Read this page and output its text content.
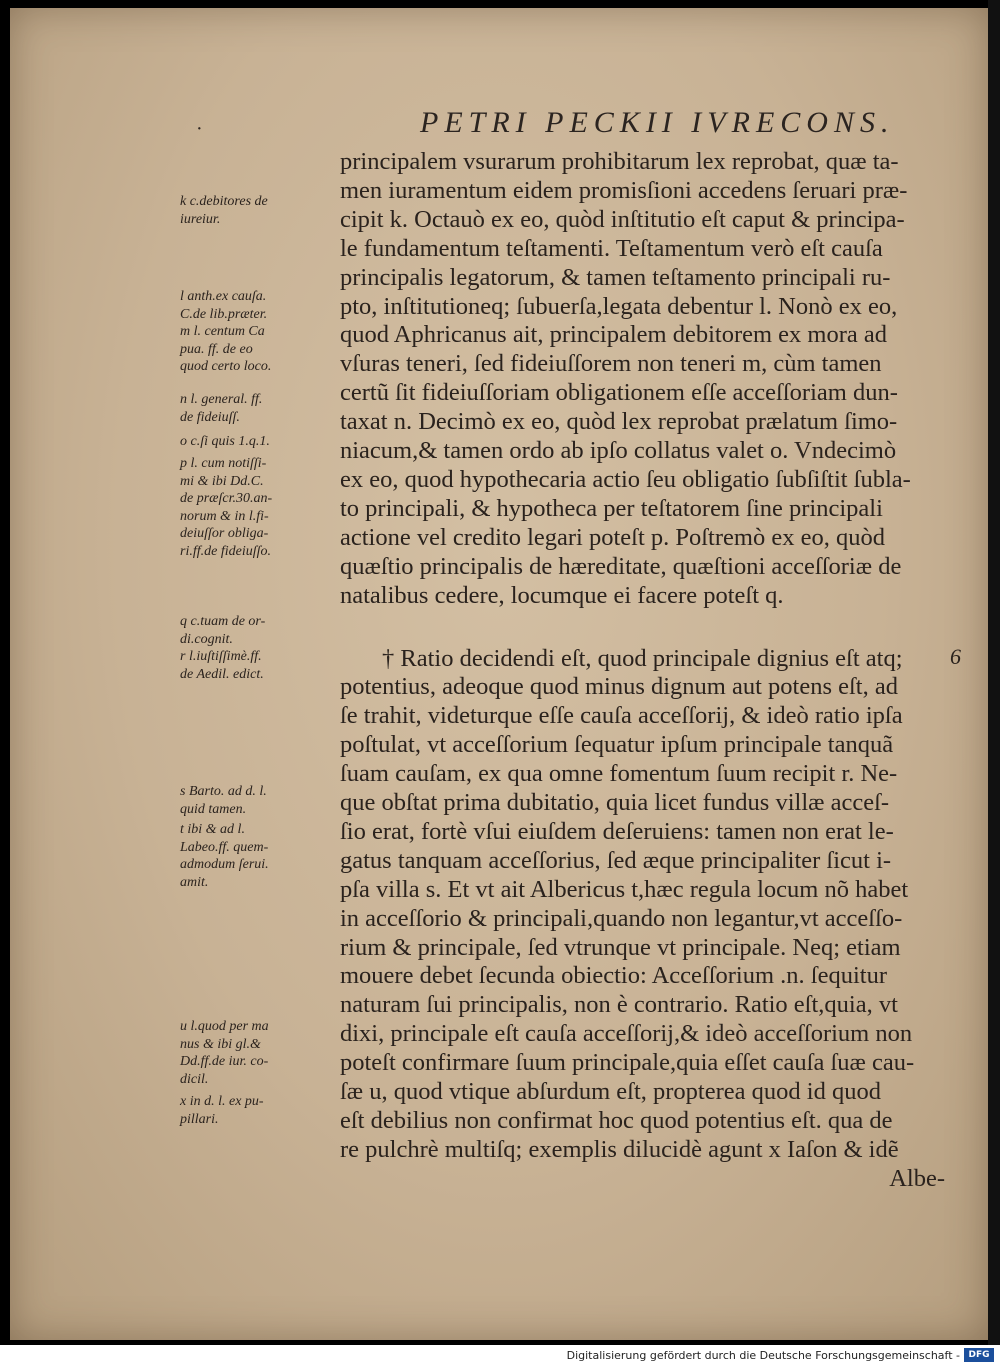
·	PETRI PECKII IVRECONS.
6
k c.debitores de
iureiur.
l anth.ex cauſa.
C.de lib.præter.
m l. centum Ca
pua. ff. de eo
quod certo loco.
n l. general. ff.
de fideiuſſ.
o c.ſi quis 1.q.1.
p l. cum notiſſi-
mi & ibi Dd.C.
de præſcr.30.an-
norum & in l.fi-
deiuſſor obliga-
ri.ff.de fideiuſſo.
q c.tuam de or-
di.cognit.
r l.iuſtiſſimè.ff.
de Aedil. edict.
s Barto. ad d. l.
quid tamen.
t ibi & ad l.
Labeo.ff. quem-
admodum ſerui.
amit.
u l.quod per ma
nus & ibi gl.&
Dd.ff.de iur. co-
dicil.
x in d. l. ex pu-
pillari.
principalem vsurarum prohibitarum lex reprobat, quæ ta-
men iuramentum eidem promisſioni accedens ſeruari præ-
cipit k. Octauò ex eo, quòd inſtitutio eſt caput & principa-
le fundamentum teſtamenti. Teſtamentum verò eſt cauſa
principalis legatorum, & tamen teſtamento principali ru-
pto, inſtitutioneq; ſubuerſa,legata debentur l. Nonò ex eo,
quod Aphricanus ait, principalem debitorem ex mora ad
vſuras teneri, ſed fideiuſſorem non teneri m, cùm tamen
certũ ſit fideiuſſoriam obligationem eſſe acceſſoriam dun-
taxat n. Decimò ex eo, quòd lex reprobat prælatum ſimo-
niacum,& tamen ordo ab ipſo collatus valet o. Vndecimò
ex eo, quod hypothecaria actio ſeu obligatio ſubſiſtit ſubla-
to principali, & hypotheca per teſtatorem ſine principali
actione vel credito legari poteſt p. Poſtremò ex eo, quòd
quæſtio principalis de hæreditate, quæſtioni acceſſoriæ de
natalibus cedere, locumque ei facere poteſt q.
† Ratio decidendi eſt, quod principale dignius eſt atq;
potentius, adeoque quod minus dignum aut potens eſt, ad
ſe trahit, videturque eſſe cauſa acceſſorij, & ideò ratio ipſa
poſtulat, vt acceſſorium ſequatur ipſum principale tanquã
ſuam cauſam, ex qua omne fomentum ſuum recipit r. Ne-
que obſtat prima dubitatio, quia licet fundus villæ acceſ-
ſio erat, fortè vſui eiuſdem deſeruiens: tamen non erat le-
gatus tanquam acceſſorius, ſed æque principaliter ſicut i-
pſa villa s. Et vt ait Albericus t,hæc regula locum nõ habet
in acceſſorio & principali,quando non legantur,vt acceſſo-
rium & principale, ſed vtrunque vt principale. Neq; etiam
mouere debet ſecunda obiectio: Acceſſorium .n. ſequitur
naturam ſui principalis, non è contrario. Ratio eſt,quia, vt
dixi, principale eſt cauſa acceſſorij,& ideò acceſſorium non
poteſt confirmare ſuum principale,quia eſſet cauſa ſuæ cau-
ſæ u, quod vtique abſurdum eſt, propterea quod id quod
eſt debilius non confirmat hoc quod potentius eſt. qua de
re pulchrè multiſq; exemplis dilucidè agunt x Iaſon & idẽ
Albe-
Digitalisierung gefördert durch die Deutsche Forschungsgemeinschaft - DFG
